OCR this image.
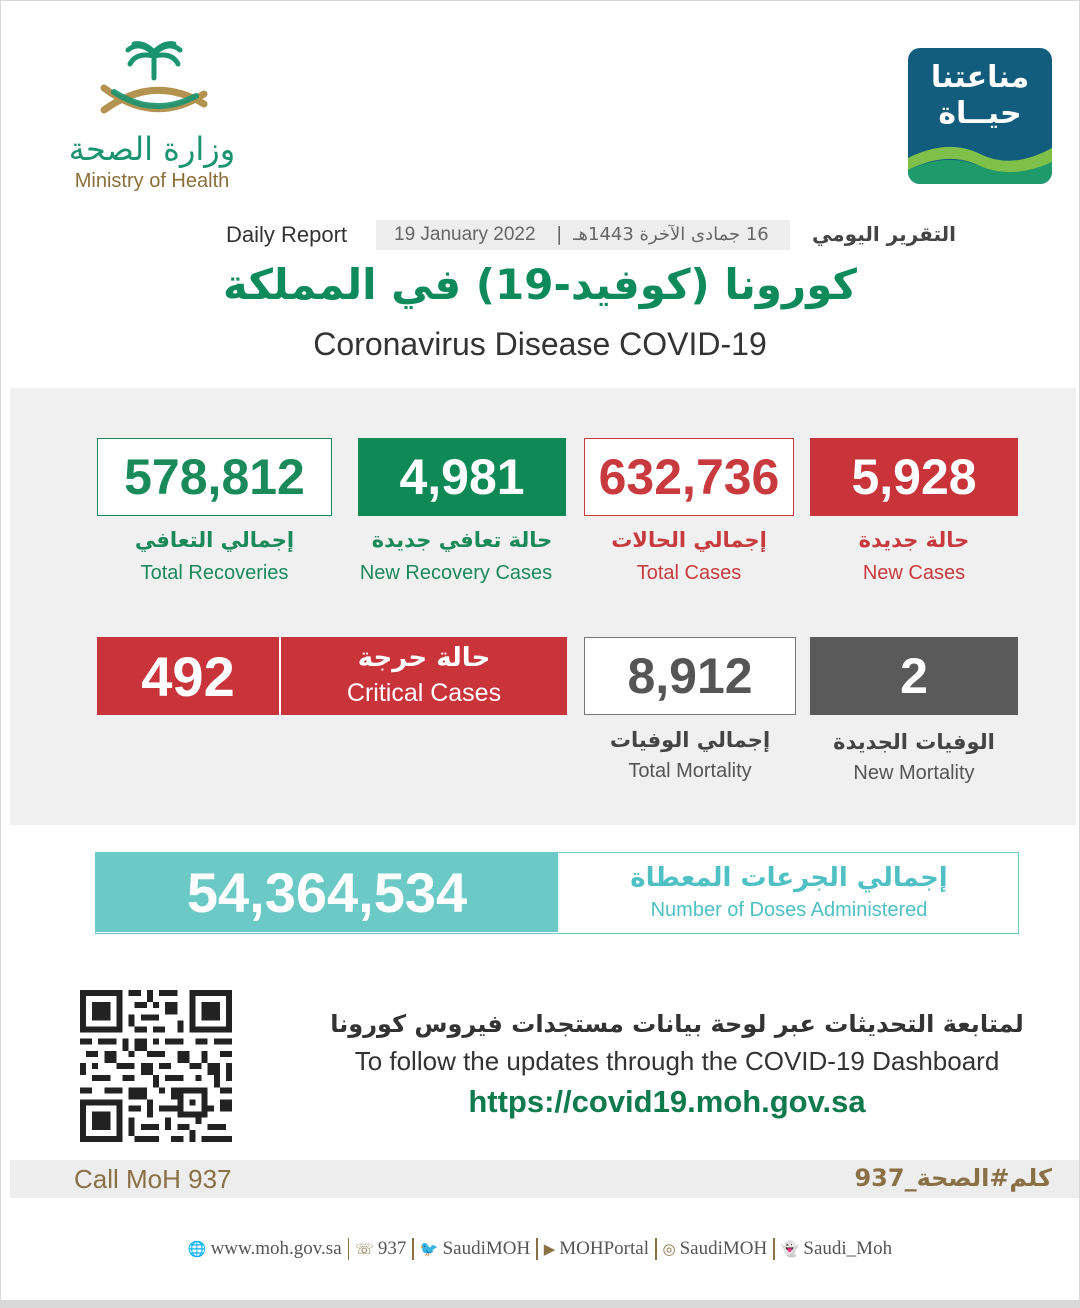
وزارة الصحة
Ministry of Health
مناعتنا
حيــاة
Daily Report 19 January 2022 | 16 جمادى الآخرة 1443هـ	التقرير اليومي
كورونا (كوفيد-19) في المملكة
Coronavirus Disease COVID-19
578,812
إجمالي التعافي
Total Recoveries
4,981
حالة تعافي جديدة
New Recovery Cases
632,736
إجمالي الحالات
Total Cases
5,928
حالة جديدة
New Cases
492	حالة حرجة
Critical Cases	8,912
إجمالي الوفيات
Total Mortality
2
الوفيات الجديدة
New Mortality
54,364,534	إجمالي الجرعات المعطاة
Number of Doses Administered
لمتابعة التحديثات عبر لوحة بيانات مستجدات فيروس كورونا
To follow the updates through the COVID-19 Dashboard
https://covid19.moh.gov.sa
Call MoH 937	كلم#الصحة_937
🌐 www.moh.gov.sa ☏ 937 🐦 SaudiMOH ▶ MOHPortal ◎ SaudiMOH 👻 Saudi_Moh
